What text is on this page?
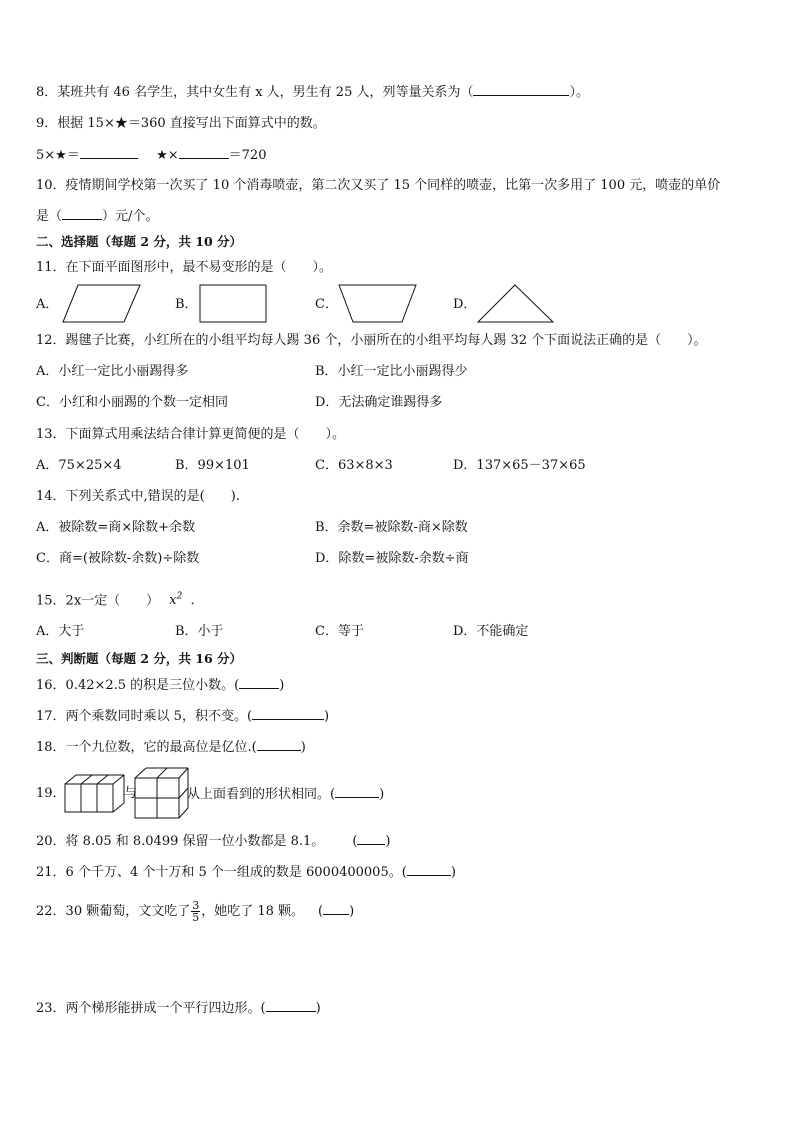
8．某班共有 46 名学生，其中女生有 x 人，男生有 25 人，列等量关系为（	）。
9．根据 15×★＝360 直接写出下面算式中的数。
5×★＝	★×	＝720
10．疫情期间学校第一次买了 10 个消毒喷壶，第二次又买了 15 个同样的喷壶，比第一次多用了 100 元，喷壶的单价
是（	）元/个。
二、选择题（每题 2 分，共 10 分）
11．在下面平面图形中，最不易变形的是（　　）。
A．	B．	C．	D．
12．踢毽子比赛，小红所在的小组平均每人踢 36 个，小丽所在的小组平均每人踢 32 个下面说法正确的是（　　）。
A．小红一定比小丽踢得多	B．小红一定比小丽踢得少
C．小红和小丽踢的个数一定相同	D．无法确定谁踢得多
13．下面算式用乘法结合律计算更简便的是（　　）。
A．75×25×4	B．99×101	C．63×8×3	D．137×65－37×65
14．下列关系式中,错误的是(　　).
A．被除数=商×除数+余数	B．余数=被除数-商×除数
C．商=(被除数-余数)÷除数	D．除数=被除数-余数÷商
15．2x一定（　　） $x^2$ ．
A．大于	B．小于	C．等于	D．不能确定
三、判断题（每题 2 分，共 16 分）
16．0.42×2.5 的积是三位小数。(	)
17．两个乘数同时乘以 5，积不变。(	)
18．一个九位数，它的最高位是亿位.(	)
19．	与	从上面看到的形状相同。(	)
20．将 8.05 和 8.0499 保留一位小数都是 8.1。 ( )
21．6 个千万、4 个十万和 5 个一组成的数是 6000400005。(	)
22．30 颗葡萄，文文吃了 $\frac{3}{5}$ ，她吃了 18 颗。 ( )
23．两个梯形能拼成一个平行四边形。(	)
